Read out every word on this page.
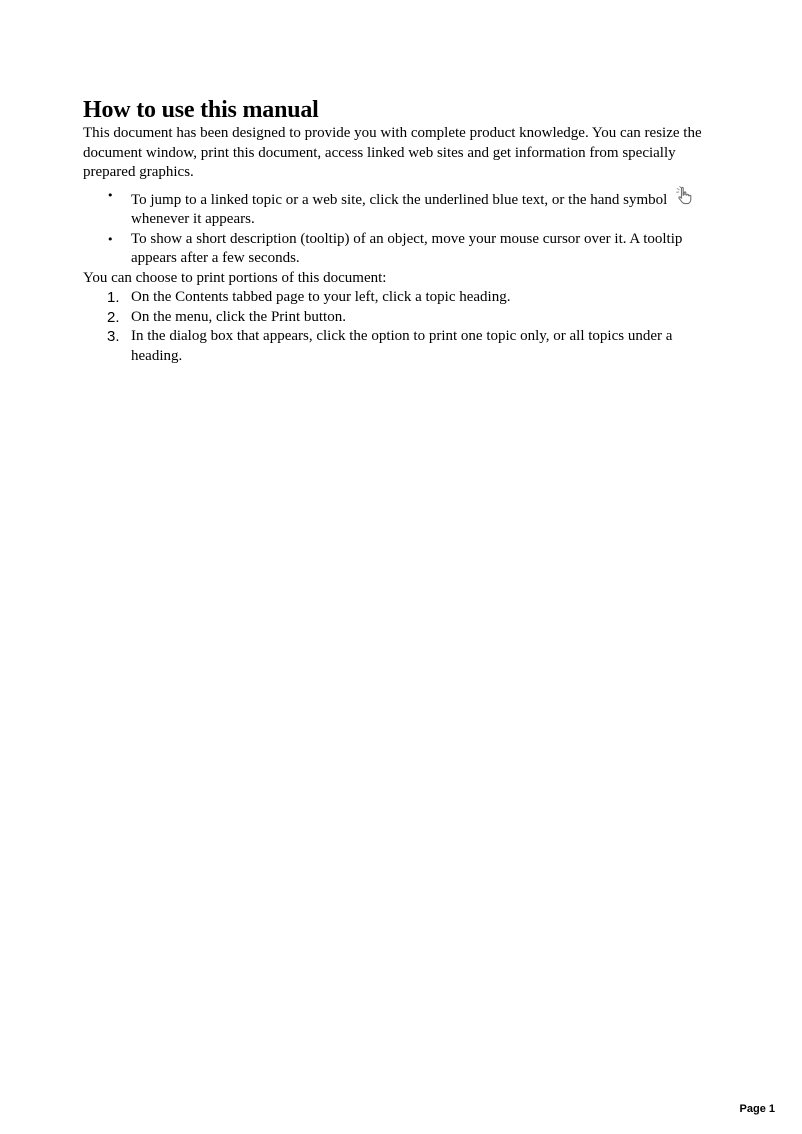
How to use this manual

This document has been designed to provide you with complete product knowledge. You can resize the document window, print this document, access linked web sites and get information from specially prepared graphics.

• To jump to a linked topic or a web site, click the underlined blue text, or the hand symbol
whenever it appears.
• To show a short description (tooltip) of an object, move your mouse cursor over it. A tooltip appears after a few seconds.

You can choose to print portions of this document:

1. On the Contents tabbed page to your left, click a topic heading.
2. On the menu, click the Print button.
3. In the dialog box that appears, click the option to print one topic only, or all topics under a heading.
Page 1
